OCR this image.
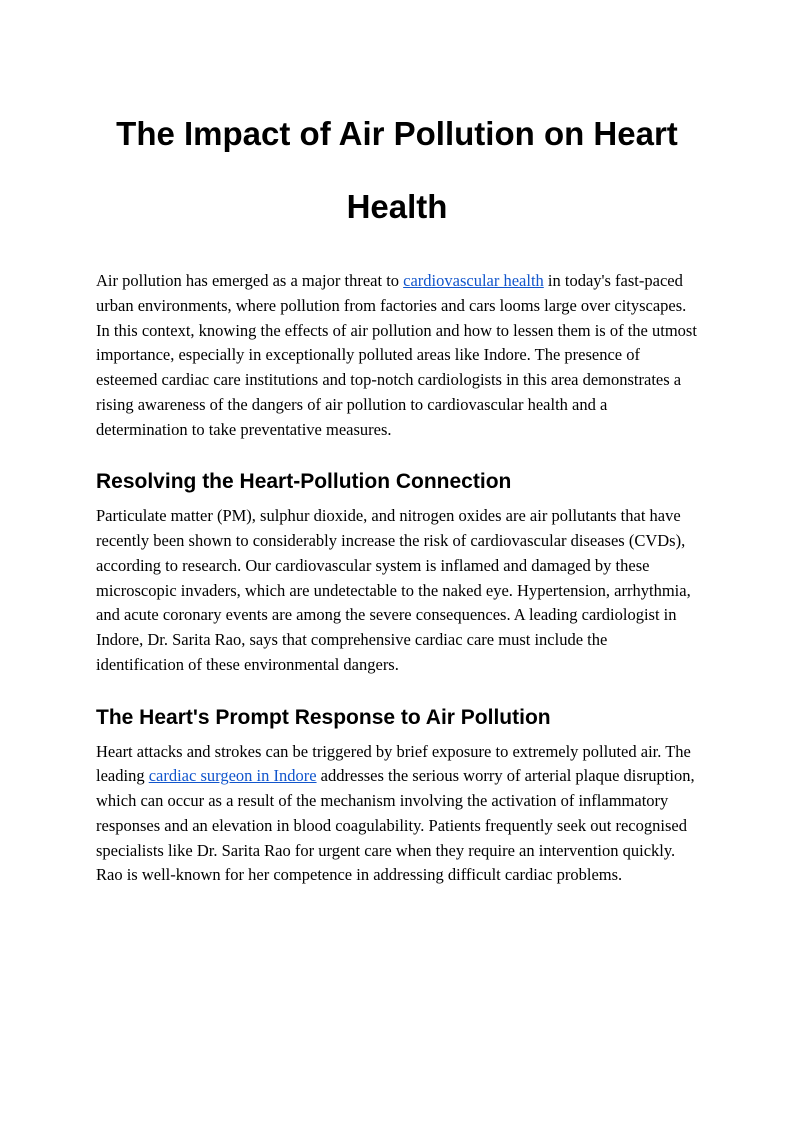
The Impact of Air Pollution on Heart Health

Air pollution has emerged as a major threat to cardiovascular health in today's fast-paced urban environments, where pollution from factories and cars looms large over cityscapes. In this context, knowing the effects of air pollution and how to lessen them is of the utmost importance, especially in exceptionally polluted areas like Indore. The presence of esteemed cardiac care institutions and top-notch cardiologists in this area demonstrates a rising awareness of the dangers of air pollution to cardiovascular health and a determination to take preventative measures.

Resolving the Heart-Pollution Connection

Particulate matter (PM), sulphur dioxide, and nitrogen oxides are air pollutants that have recently been shown to considerably increase the risk of cardiovascular diseases (CVDs), according to research. Our cardiovascular system is inflamed and damaged by these microscopic invaders, which are undetectable to the naked eye. Hypertension, arrhythmia, and acute coronary events are among the severe consequences. A leading cardiologist in Indore, Dr. Sarita Rao, says that comprehensive cardiac care must include the identification of these environmental dangers.

The Heart's Prompt Response to Air Pollution

Heart attacks and strokes can be triggered by brief exposure to extremely polluted air. The leading cardiac surgeon in Indore addresses the serious worry of arterial plaque disruption, which can occur as a result of the mechanism involving the activation of inflammatory responses and an elevation in blood coagulability. Patients frequently seek out recognised specialists like Dr. Sarita Rao for urgent care when they require an intervention quickly. Rao is well-known for her competence in addressing difficult cardiac problems.
